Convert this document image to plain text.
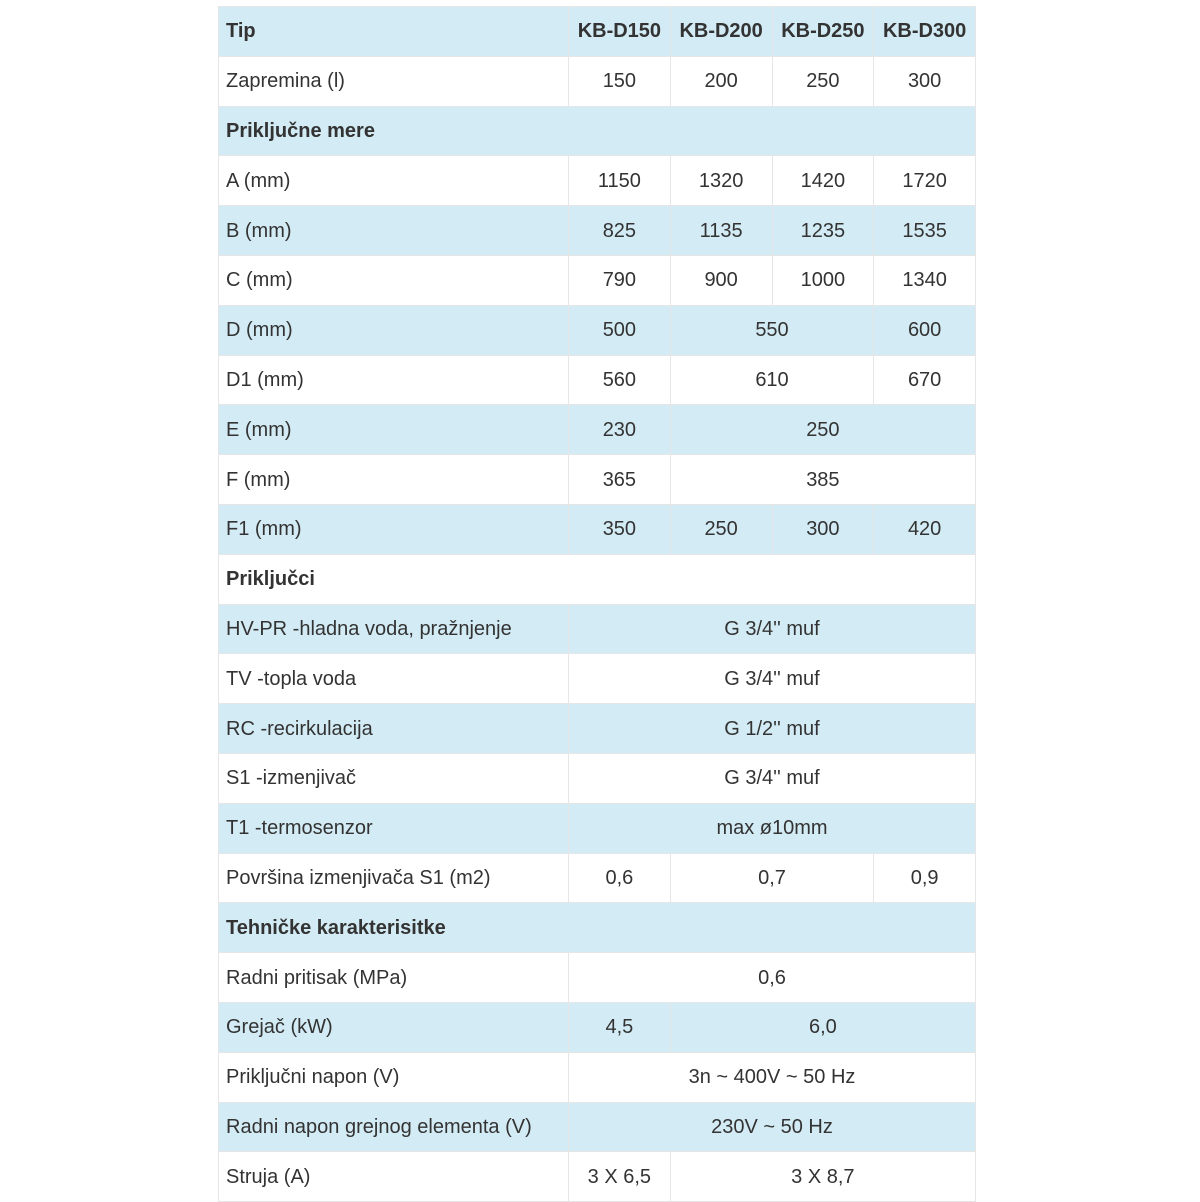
Tip	KB-D150	KB-D200	KB-D250	KB-D300
Zapremina (l)	150	200	250	300
Priključne mere				
A (mm)	1150	1320	1420	1720
B (mm)	825	1135	1235	1535
C (mm)	790	900	1000	1340
D (mm)	500	550		600
D1 (mm)	560	610		670
E (mm)	230	250		
F (mm)	365	385		
F1 (mm)	350	250	300	420
Priključci				
HV-PR -hladna voda, pražnjenje	G 3/4'' muf			
TV -topla voda	G 3/4'' muf			
RC -recirkulacija	G 1/2'' muf			
S1 -izmenjivač	G 3/4'' muf			
T1 -termosenzor	max ø10mm			
Površina izmenjivača S1 (m2)	0,6	0,7		0,9
Tehničke karakterisitke				
Radni pritisak (MPa)	0,6			
Grejač (kW)	4,5	6,0		
Priključni napon (V)	3n ~ 400V ~ 50 Hz			
Radni napon grejnog elementa (V)	230V ~ 50 Hz			
Struja (A)	3 X 6,5	3 X 8,7		
